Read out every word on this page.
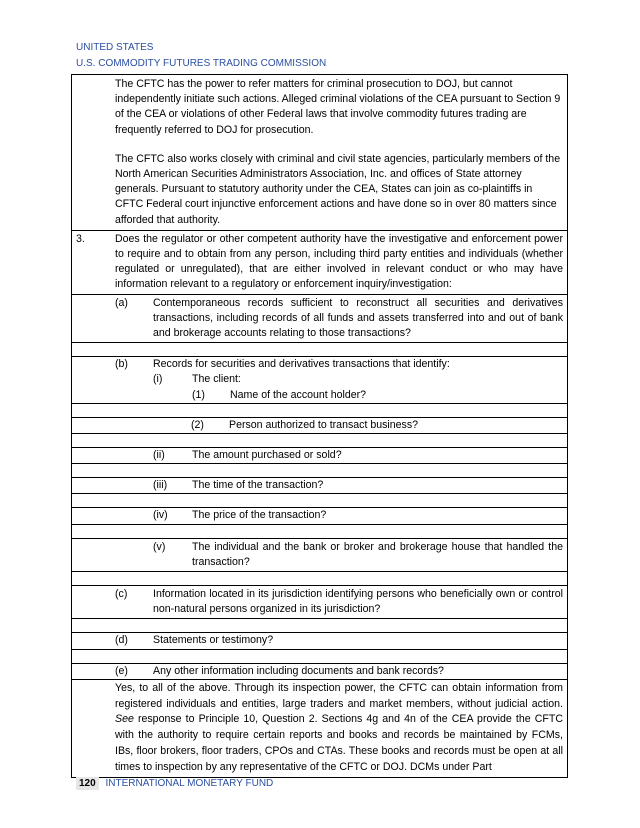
UNITED STATES
U.S. COMMODITY FUTURES TRADING COMMISSION

The CFTC has the power to refer matters for criminal prosecution to DOJ, but cannot independently initiate such actions. Alleged criminal violations of the CEA pursuant to Section 9 of the CEA or violations of other Federal laws that involve commodity futures trading are frequently referred to DOJ for prosecution.

The CFTC also works closely with criminal and civil state agencies, particularly members of the North American Securities Administrators Association, Inc. and offices of State attorney generals. Pursuant to statutory authority under the CEA, States can join as co-plaintiffs in CFTC Federal court injunctive enforcement actions and have done so in over 80 matters since afforded that authority.

3.	Does the regulator or other competent authority have the investigative and enforcement power to require and to obtain from any person, including third party entities and individuals (whether regulated or unregulated), that are either involved in relevant conduct or who may have information relevant to a regulatory or enforcement inquiry/investigation:
(a) Contemporaneous records sufficient to reconstruct all securities and derivatives transactions, including records of all funds and assets transferred into and out of bank and brokerage accounts relating to those transactions?
(b) Records for securities and derivatives transactions that identify:
(i)	The client:
(1) Name of the account holder?
(2) Person authorized to transact business?
(ii)	The amount purchased or sold?
(iii) The time of the transaction?
(iv) The price of the transaction?
(v)	The individual and the bank or broker and brokerage house that handled the transaction?
(c) Information located in its jurisdiction identifying persons who beneficially own or control non-natural persons organized in its jurisdiction?
(d) Statements or testimony?
(e) Any other information including documents and bank records?
Yes, to all of the above. Through its inspection power, the CFTC can obtain information from registered individuals and entities, large traders and market members, without judicial action. See response to Principle 10, Question 2. Sections 4g and 4n of the CEA provide the CFTC with the authority to require certain reports and books and records be maintained by FCMs, IBs, floor brokers, floor traders, CPOs and CTAs. These books and records must be open at all times to inspection by any representative of the CFTC or DOJ. DCMs under Part
120 INTERNATIONAL MONETARY FUND
